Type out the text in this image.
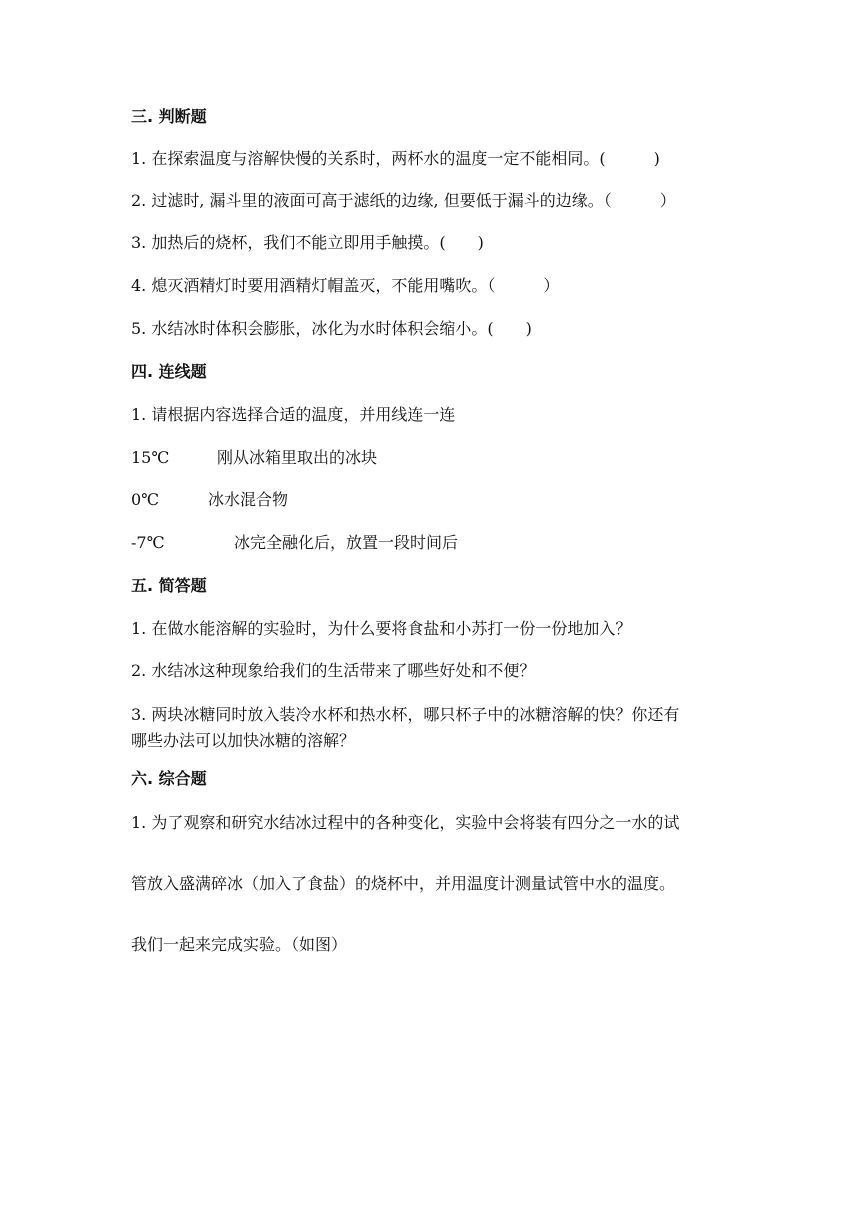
三. 判断题
1. 在探索温度与溶解快慢的关系时，两杯水的温度一定不能相同。(　　　)
2. 过滤时, 漏斗里的液面可高于滤纸的边缘, 但要低于漏斗的边缘。（　　　）
3. 加热后的烧杯，我们不能立即用手触摸。(　　)
4. 熄灭酒精灯时要用酒精灯帽盖灭，不能用嘴吹。（　　　）
5. 水结冰时体积会膨胀，冰化为水时体积会缩小。(　　)
四. 连线题
1. 请根据内容选择合适的温度，并用线连一连
15℃	刚从冰箱里取出的冰块
0℃	冰水混合物
-7℃	冰完全融化后，放置一段时间后
五. 简答题
1. 在做水能溶解的实验时，为什么要将食盐和小苏打一份一份地加入？
2. 水结冰这种现象给我们的生活带来了哪些好处和不便？
3. 两块冰糖同时放入装冷水杯和热水杯，哪只杯子中的冰糖溶解的快？你还有
哪些办法可以加快冰糖的溶解？
六. 综合题
1. 为了观察和研究水结冰过程中的各种变化，实验中会将装有四分之一水的试
管放入盛满碎冰（加入了食盐）的烧杯中，并用温度计测量试管中水的温度。
我们一起来完成实验。（如图）
